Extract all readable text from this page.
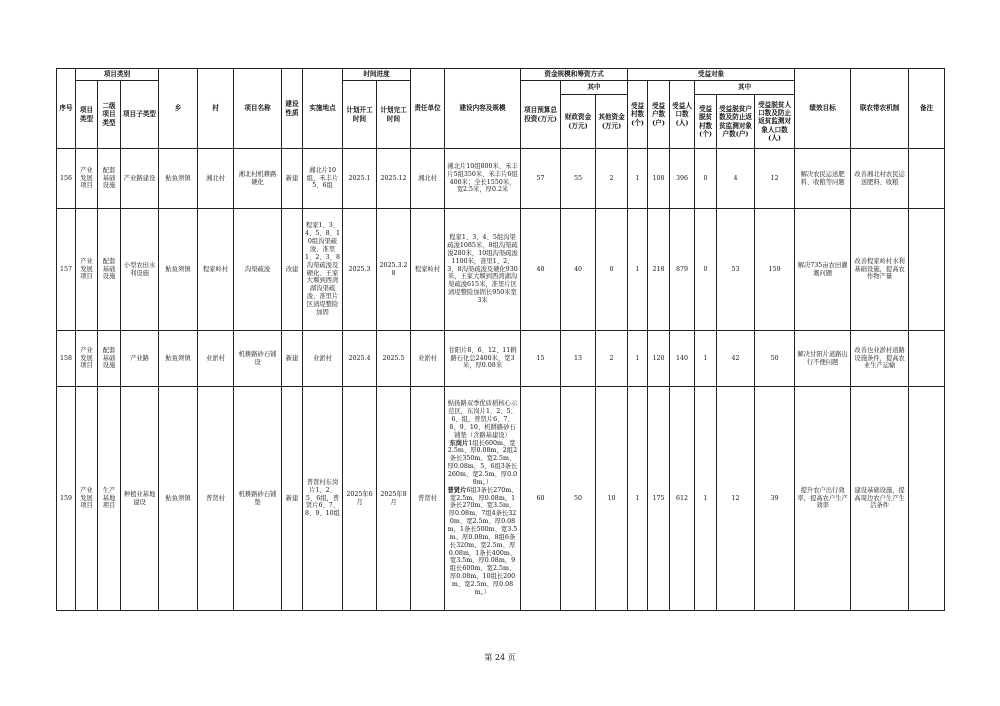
序号	项目类别			乡	村	项目名称	建设性质	实施地点	时间进度		责任单位	建设内容及规模	资金规模和筹资方式			受益对象						绩效目标	联农带农机制	备注
	项目类型	二级项目类型	项目子类型						计划开工时间	计划完工时间			项目预算总投资(万元)	其中		受益村数(个)	受益户数(户)	受益人口数(人)	其中					
														财政资金(万元)	其他资金(万元)				受益脱贫村数(个)	受益脱贫户数及防止返贫监测对象户数(户)	受益脱贫人口数及防止返贫监测对象人口数(人)			
156	产业发展项目	配套基础设施	产业路建设	鲇鱼须镇	湘北村	湘北村机耕路硬化	新建	湘北片10组，禾丰片5、6组	2025.1	2025.12	湘北村	湘北片10组800米、禾丰片5组350米、禾丰片6组400米；全长1550米，宽2.5米，厚0.2米	57	55	2	1	108	396	0	4	12	解决农民运送肥料、收粮等问题	改善湘北村农民运送肥料、收粮	
157	产业发展项目	配套基础设施	小型农田水利设施	鲇鱼须镇	程家岭村	沟渠疏浚	改建	程家1、3、4、5、8、10组沟渠疏浚、准里1、2、3、8沟渠疏浚及硬化、王家大堰到西湾湖沟渠疏浚、准里片区渍堤整险加固	2025.3	2025.3.28	程家岭村	程家1、3、4、5组沟渠疏浚1085米，8组沟渠疏浚280米，10组沟渠疏浚1100米，准里1、2、3、8沟渠疏浚及硬化930米，王家大堰到西湾湖沟渠疏浚615米，准里片区渍堤整险加固长950米宽3米	40	40	0	1	218	879	0	53	159	解决735亩农田灌溉问题	改善程家岭村水利基础设施，提高农作物产量	
158	产业发展项目	配套基础设施	产业路	鲇鱼须镇	业淤村	机耕路砂石铺设	新建	业淤村	2025.4	2025.5	业淤村	甘阳片8、6、12、11耕路石化总2400米，宽3米，厚0.08米	15	13	2	1	120	140	1	42	50	解决甘阳片道路出行不便问题	改善也业淤村道路设施条件，提高农业生产运输	
159	产业发展项目	生产基地项目	种植业基地建设	鲇鱼须镇	普贤村	机耕路砂石铺垫	新建	普贤村东岗片1、2、5、6组，普贤片6、7、8、9、10组	2025年6月	2025年8月	普贤村	鲇扬路双季优质稻核心示范区，东岗片1、2、5、6、组，普贤片6、7、8、9、10、机耕路砂石铺垫（含路基建设）
东岗片1组长600m、宽2.5m、厚0.08m，2组2条长350m、宽2.5m、厚0.08m，5、6组3条长260m、宽2.5m、厚0.08m。）
普贤片6组3条长270m、宽2.5m、厚0.08m，1条长270m、宽3.5m、厚0.08m，7组4条长320m、宽2.5m、厚0.08m，1条长500m、宽3.5m、厚0.08m，8组6条长320m、宽2.5m、厚0.08m，1条长400m、宽3.5m、厚0.08m，9组长600m、宽2.5m、厚0.08m，10组长200m、宽2.5m、厚0.08m。）	60	50	10	1	175	612	1	12	39	提升农户出行效率，提高农户生产效率	建设基础设施，提高周边农户生产生活条件	
第 24 页
